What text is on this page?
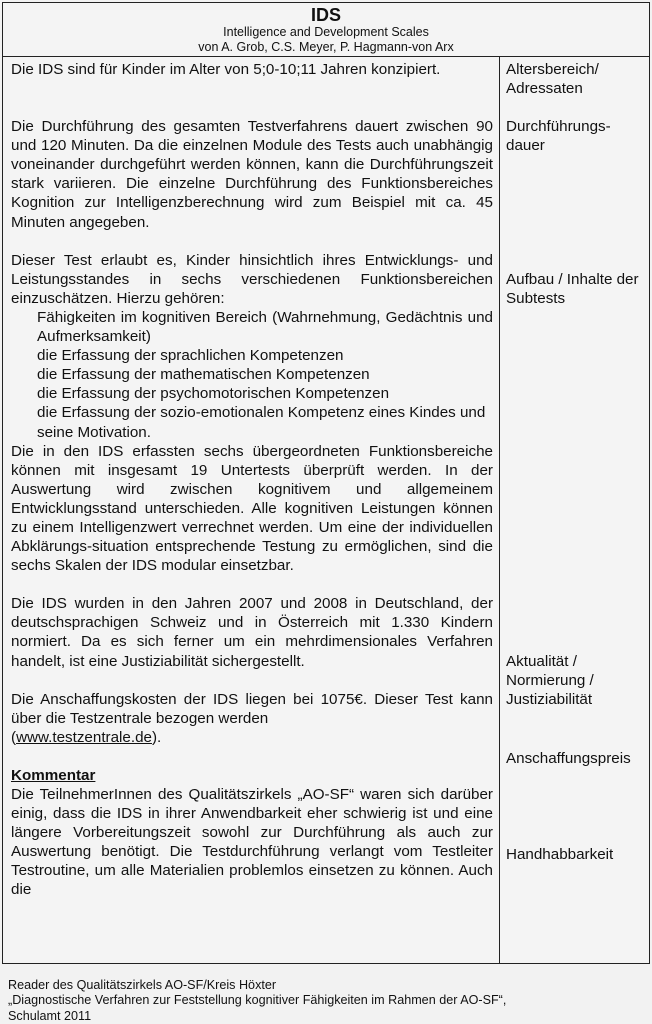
IDS
Intelligence and Development Scales
von A. Grob, C.S. Meyer, P. Hagmann-von Arx

Die IDS sind für Kinder im Alter von 5;0-10;11 Jahren konzipiert.

Die Durchführung des gesamten Testverfahrens dauert zwischen 90 und 120 Minuten. Da die einzelnen Module des Tests auch unabhängig voneinander durchgeführt werden können, kann die Durchführungszeit stark variieren. Die einzelne Durchführung des Funktionsbereiches Kognition zur Intelligenzberechnung wird zum Beispiel mit ca. 45 Minuten angegeben.

Dieser Test erlaubt es, Kinder hinsichtlich ihres Entwicklungs- und Leistungsstandes in sechs verschiedenen Funktionsbereichen einzuschätzen. Hierzu gehören:

Fähigkeiten im kognitiven Bereich (Wahrnehmung, Gedächtnis und Aufmerksamkeit)

die Erfassung der sprachlichen Kompetenzen

die Erfassung der mathematischen Kompetenzen

die Erfassung der psychomotorischen Kompetenzen

die Erfassung der sozio-emotionalen Kompetenz eines Kindes und

seine Motivation.

Die in den IDS erfassten sechs übergeordneten Funktionsbereiche können mit insgesamt 19 Untertests überprüft werden. In der Auswertung wird zwischen kognitivem und allgemeinem Entwicklungsstand unterschieden. Alle kognitiven Leistungen können zu einem Intelligenzwert verrechnet werden. Um eine der individuellen Abklärungs-situation entsprechende Testung zu ermöglichen, sind die sechs Skalen der IDS modular einsetzbar.

Die IDS wurden in den Jahren 2007 und 2008 in Deutschland, der deutschsprachigen Schweiz und in Österreich mit 1.330 Kindern normiert. Da es sich ferner um ein mehrdimensionales Verfahren handelt, ist eine Justiziabilität sichergestellt.

Die Anschaffungskosten der IDS liegen bei 1075€. Dieser Test kann über die Testzentrale bezogen werden
(www.testzentrale.de).

Kommentar

Die TeilnehmerInnen des Qualitätszirkels „AO-SF“ waren sich darüber einig, dass die IDS in ihrer Anwendbarkeit eher schwierig ist und eine längere Vorbereitungszeit sowohl zur Durchführung als auch zur Auswertung benötigt. Die Testdurchführung verlangt vom Testleiter Testroutine, um alle Materialien problemlos einsetzen zu können. Auch die

Altersbereich/ Adressaten

Durchführungs-dauer

Aufbau / Inhalte der Subtests

Aktualität / Normierung / Justiziabilität

Anschaffungspreis

Handhabbarkeit

Reader des Qualitätszirkels AO-SF/Kreis Höxter
„Diagnostische Verfahren zur Feststellung kognitiver Fähigkeiten im Rahmen der AO-SF“,
Schulamt 2011
